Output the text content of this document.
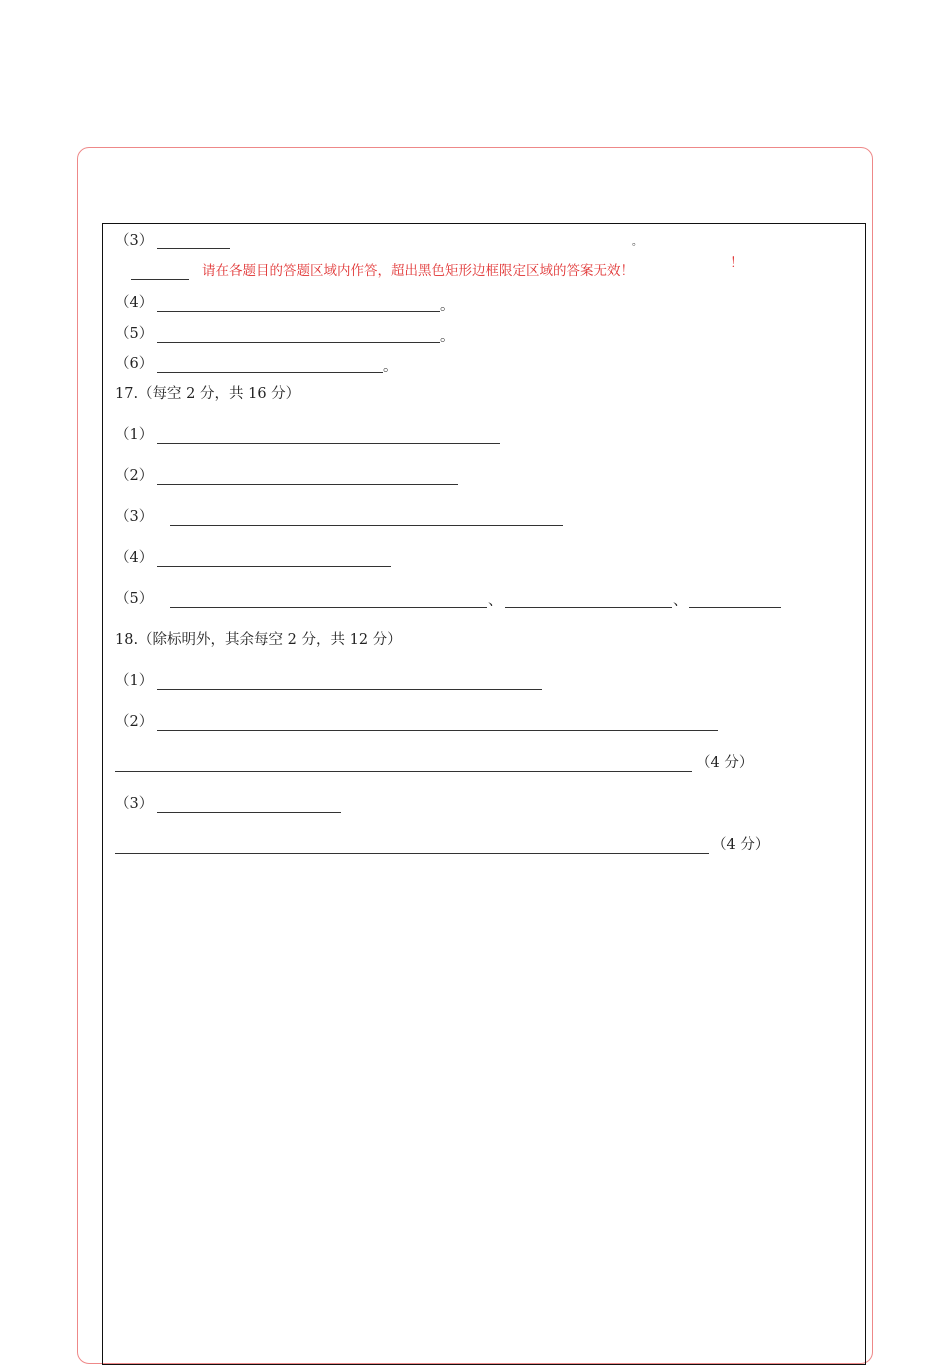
（3）	。
请在各题目的答题区域内作答，超出黑色矩形边框限定区域的答案无效！	！
（4）	。
（5）	。
（6）	。
17.（每空 2 分，共 16 分）
（1）
（2）
（3）
（4）
（5）	、	、
18.（除标明外，其余每空 2 分，共 12 分）
（1）
（2）
（4 分）
（3）
（4 分）
